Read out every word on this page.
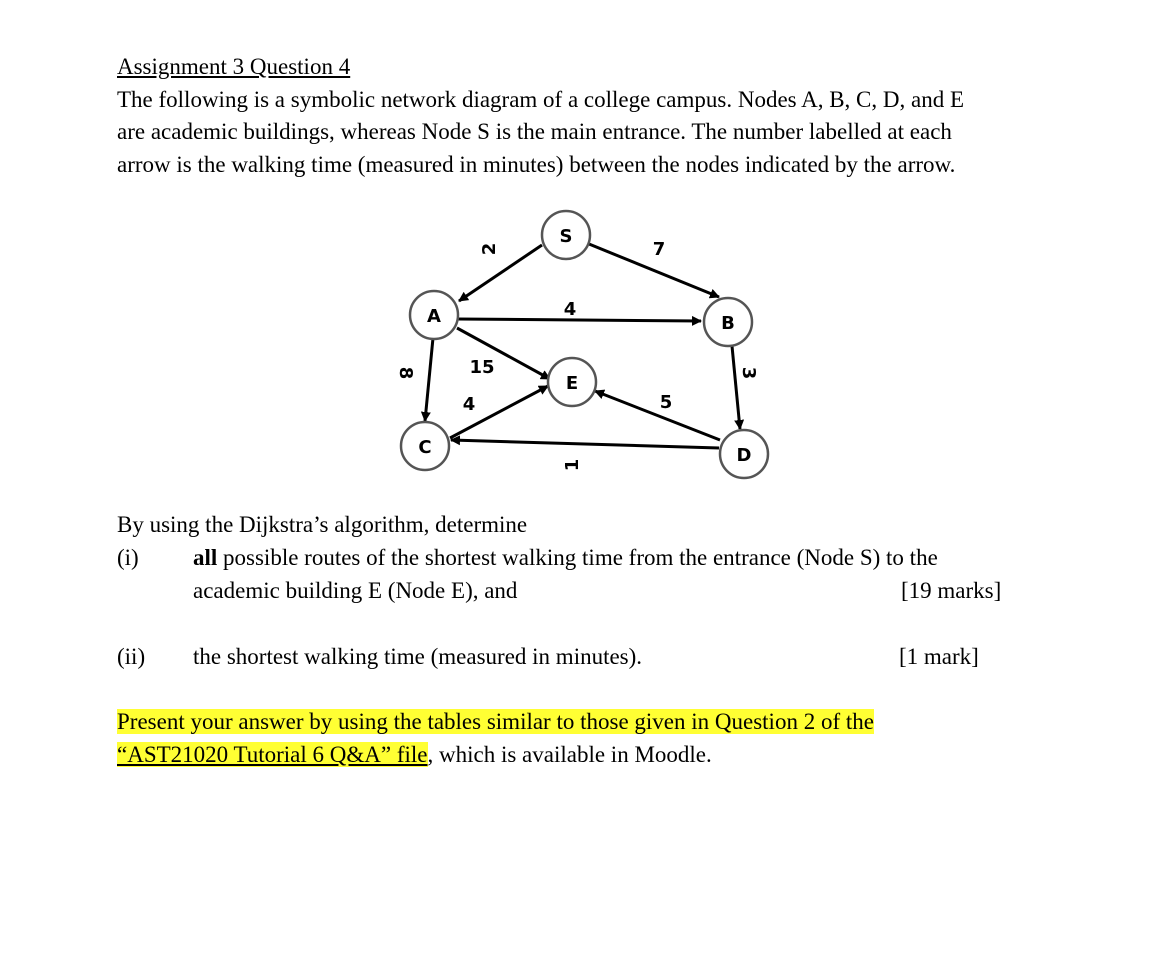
Assignment 3 Question 4
The following is a symbolic network diagram of a college campus. Nodes A, B, C, D, and E
are academic buildings, whereas Node S is the main entrance. The number labelled at each
arrow is the walking time (measured in minutes) between the nodes indicated by the arrow.
S
A	B
C	D
E
2	7
4
8	15
4
3
5
1
By using the Dijkstra’s algorithm, determine
(i) all possible routes of the shortest walking time from the entrance (Node S) to the
academic building E (Node E), and	[19 marks]
(ii) the shortest walking time (measured in minutes).	[1 mark]
Present your answer by using the tables similar to those given in Question 2 of the
“AST21020 Tutorial 6 Q&A” file, which is available in Moodle.
